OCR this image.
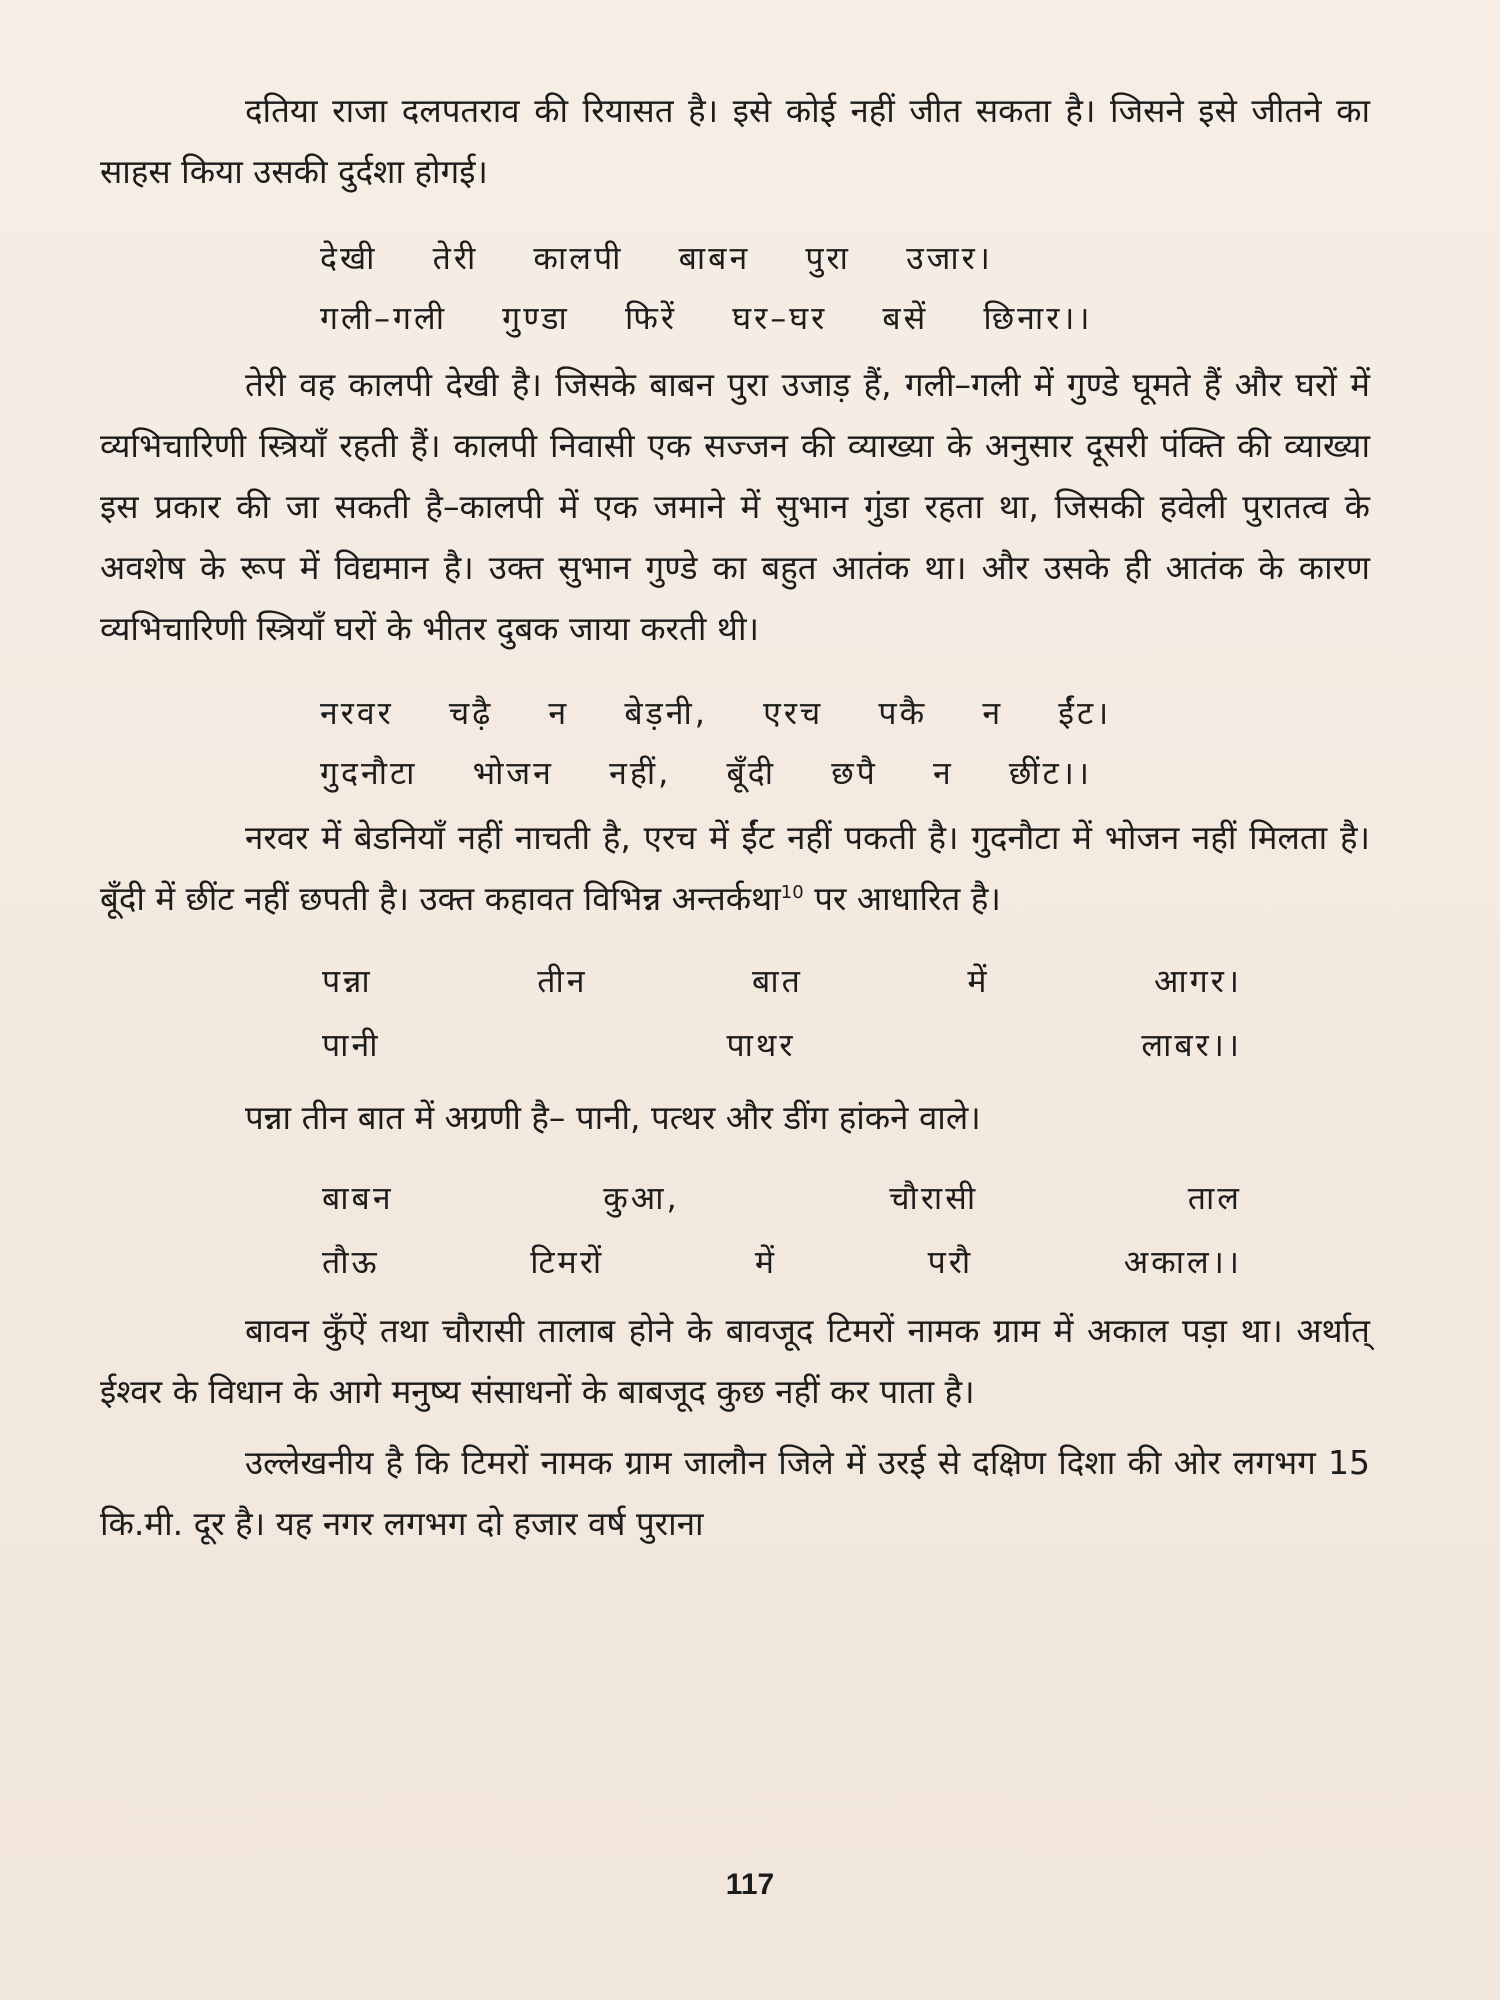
दतिया राजा दलपतराव की रियासत है। इसे कोई नहीं जीत सकता है। जिसने इसे जीतने का साहस किया उसकी दुर्दशा होगई।

देखी तेरी कालपी बाबन पुरा उजार।
गली–गली गुण्डा फिरें घर–घर बसें छिनार।।

तेरी वह कालपी देखी है। जिसके बाबन पुरा उजाड़ हैं, गली–गली में गुण्डे घूमते हैं और घरों में व्यभिचारिणी स्त्रियाँ रहती हैं। कालपी निवासी एक सज्जन की व्याख्या के अनुसार दूसरी पंक्ति की व्याख्या इस प्रकार की जा सकती है–कालपी में एक जमाने में सुभान गुंडा रहता था, जिसकी हवेली पुरातत्व के अवशेष के रूप में विद्यमान है। उक्त सुभान गुण्डे का बहुत आतंक था। और उसके ही आतंक के कारण व्यभिचारिणी स्त्रियाँ घरों के भीतर दुबक जाया करती थी।

नरवर चढ़ै न बेड़नी, एरच पकै न ईंट।
गुदनौटा भोजन नहीं, बूँदी छपै न छींट।।

नरवर में बेडनियाँ नहीं नाचती है, एरच में ईंट नहीं पकती है। गुदनौटा में भोजन नहीं मिलता है। बूँदी में छींट नहीं छपती है। उक्त कहावत विभिन्न अन्तर्कथा$^{10}$ पर आधारित है।

पन्ना	तीन	बात	में	आगर।
पानी	पाथर	लाबर।।

पन्ना तीन बात में अग्रणी है– पानी, पत्थर और डींग हांकने वाले।

बाबन	कुआ,	चौरासी	ताल
तौऊ	टिमरों	में	परौ	अकाल।।

बावन कुँऐं तथा चौरासी तालाब होने के बावजूद टिमरों नामक ग्राम में अकाल पड़ा था। अर्थात् ईश्वर के विधान के आगे मनुष्य संसाधनों के बाबजूद कुछ नहीं कर पाता है।

उल्लेखनीय है कि टिमरों नामक ग्राम जालौन जिले में उरई से दक्षिण दिशा की ओर लगभग 15 कि.मी. दूर है। यह नगर लगभग दो हजार वर्ष पुराना

117
